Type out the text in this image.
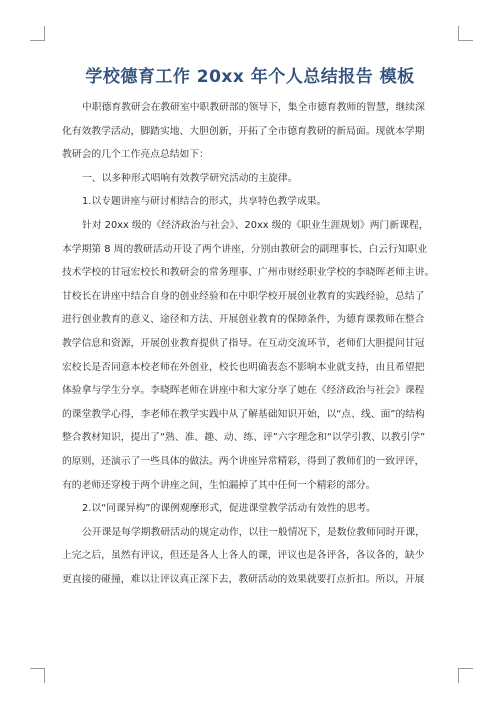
学校德育工作 20xx 年个人总结报告 模板
中职德育教研会在教研室中职教研部的领导下，集全市德育教师的智慧，继续深
化有效教学活动，脚踏实地、大胆创新，开拓了全市德育教研的新局面。现就本学期
教研会的几个工作亮点总结如下：
一、以多种形式唱响有效教学研究活动的主旋律。
1.以专题讲座与研讨相结合的形式，共享特色教学成果。
针对 20xx 级的《经济政治与社会》、20xx 级的《职业生涯规划》两门新课程，
本学期第 8 周的教研活动开设了两个讲座，分别由教研会的副理事长、白云行知职业
技术学校的甘冠宏校长和教研会的常务理事、广州市财经职业学校的李晓晖老师主讲。
甘校长在讲座中结合自身的创业经验和在中职学校开展创业教育的实践经验，总结了
进行创业教育的意义、途径和方法、开展创业教育的保障条件，为德育课教师在整合
教学信息和资源，开展创业教育提供了指导。在互动交流环节，老师们大胆提问甘冠
宏校长是否同意本校老师在外创业，校长也明确表态不影响本业就支持，由且希望把
体验拿与学生分享。李晓晖老师在讲座中和大家分享了她在《经济政治与社会》课程
的课堂教学心得，李老师在教学实践中从了解基础知识开始，以“点、线、面”的结构
整合教材知识，提出了“熟、准、趣、动、练、评”六字理念和“以学引教、以教引学”
的原则，还演示了一些具体的做法。两个讲座异常精彩，得到了教师们的一致评评，
有的老师还穿梭于两个讲座之间，生怕漏掉了其中任何一个精彩的部分。
2.以“同课异构”的课例观摩形式，促进课堂教学活动有效性的思考。
公开课是每学期教研活动的规定动作，以往一般情况下，是数位教师同时开课，
上完之后，虽然有评议，但还是各人上各人的课，评议也是各评各，各议各的，缺少
更直接的碰撞，难以让评议真正深下去，教研活动的效果就要打点折扣。所以，开展
